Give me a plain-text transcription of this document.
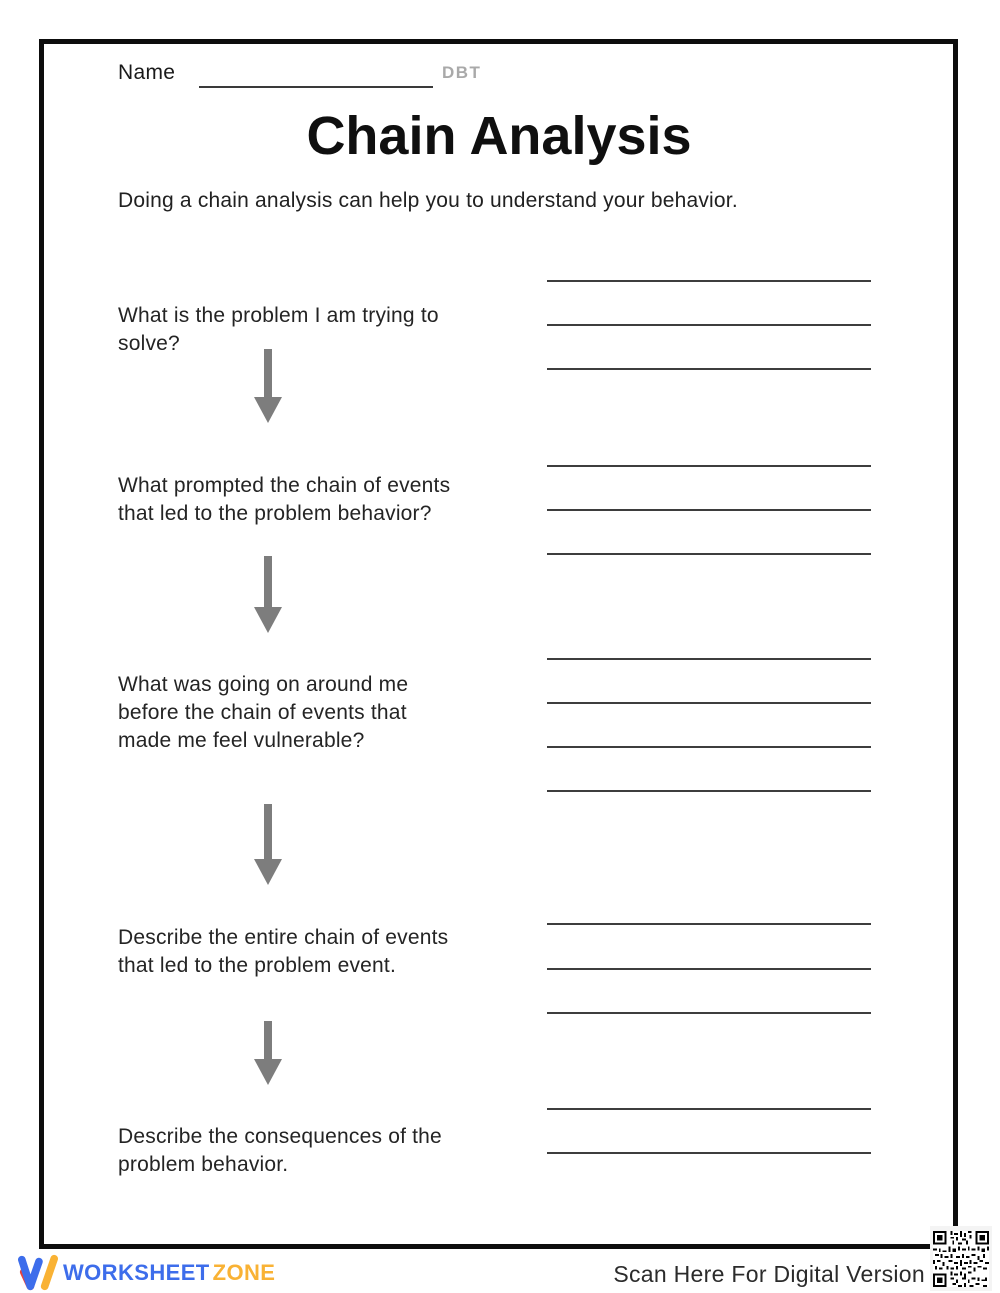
Name	DBT
Chain Analysis

Doing a chain analysis can help you to understand your behavior.

What is the problem I am trying to solve?
What prompted the chain of events that led to the problem behavior?
What was going on around me before the chain of events that made me feel vulnerable?
Describe the entire chain of events that led to the problem event.
Describe the consequences of the problem behavior.
WORKSHEET ZONE	Scan Here For Digital Version
